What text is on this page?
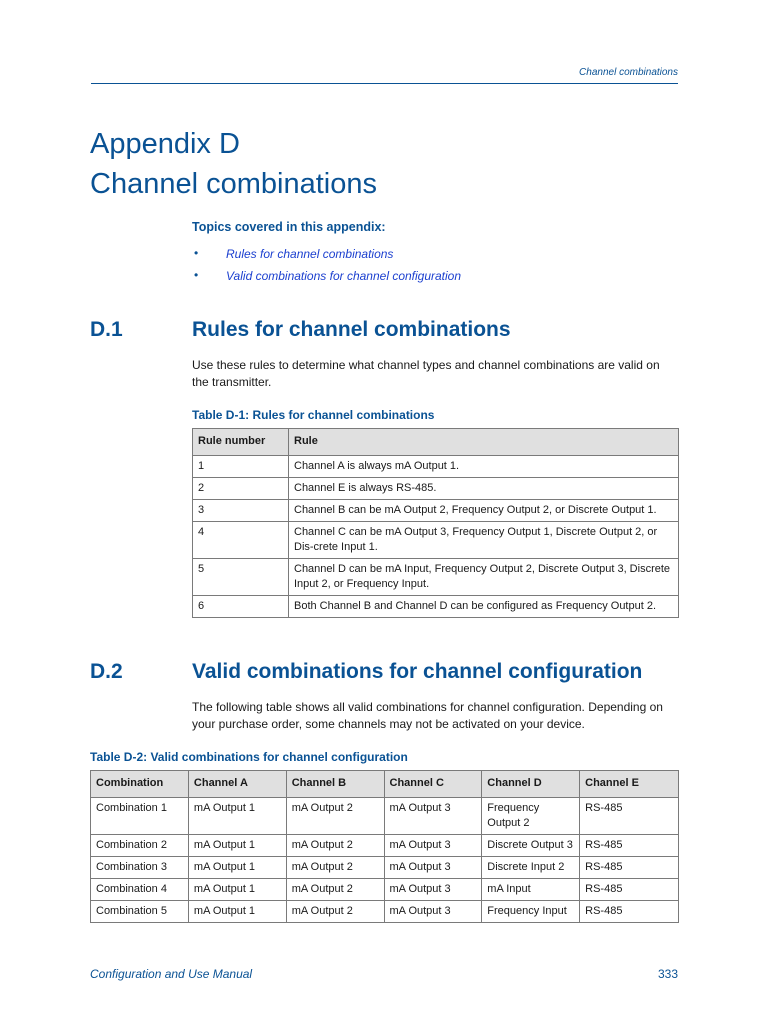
Channel combinations
Appendix D
Channel combinations
Topics covered in this appendix:
• Rules for channel combinations
• Valid combinations for channel configuration
D.1	Rules for channel combinations

Use these rules to determine what channel types and channel combinations are valid on the transmitter.

Table D-1: Rules for channel combinations
Rule number	Rule
1	Channel A is always mA Output 1.
2	Channel E is always RS-485.
3	Channel B can be mA Output 2, Frequency Output 2, or Discrete Output 1.
4	Channel C can be mA Output 3, Frequency Output 1, Discrete Output 2, or Dis-crete Input 1.
5	Channel D can be mA Input, Frequency Output 2, Discrete Output 3, Discrete Input 2, or Frequency Input.
6	Both Channel B and Channel D can be configured as Frequency Output 2.
D.2	Valid combinations for channel configuration

The following table shows all valid combinations for channel configuration. Depending on your purchase order, some channels may not be activated on your device.

Table D-2: Valid combinations for channel configuration
Combination	Channel A	Channel B	Channel C	Channel D	Channel E
Combination 1	mA Output 1	mA Output 2	mA Output 3	Frequency Output 2	RS-485
Combination 2	mA Output 1	mA Output 2	mA Output 3	Discrete Output 3	RS-485
Combination 3	mA Output 1	mA Output 2	mA Output 3	Discrete Input 2	RS-485
Combination 4	mA Output 1	mA Output 2	mA Output 3	mA Input	RS-485
Combination 5	mA Output 1	mA Output 2	mA Output 3	Frequency Input	RS-485
Configuration and Use Manual	333
